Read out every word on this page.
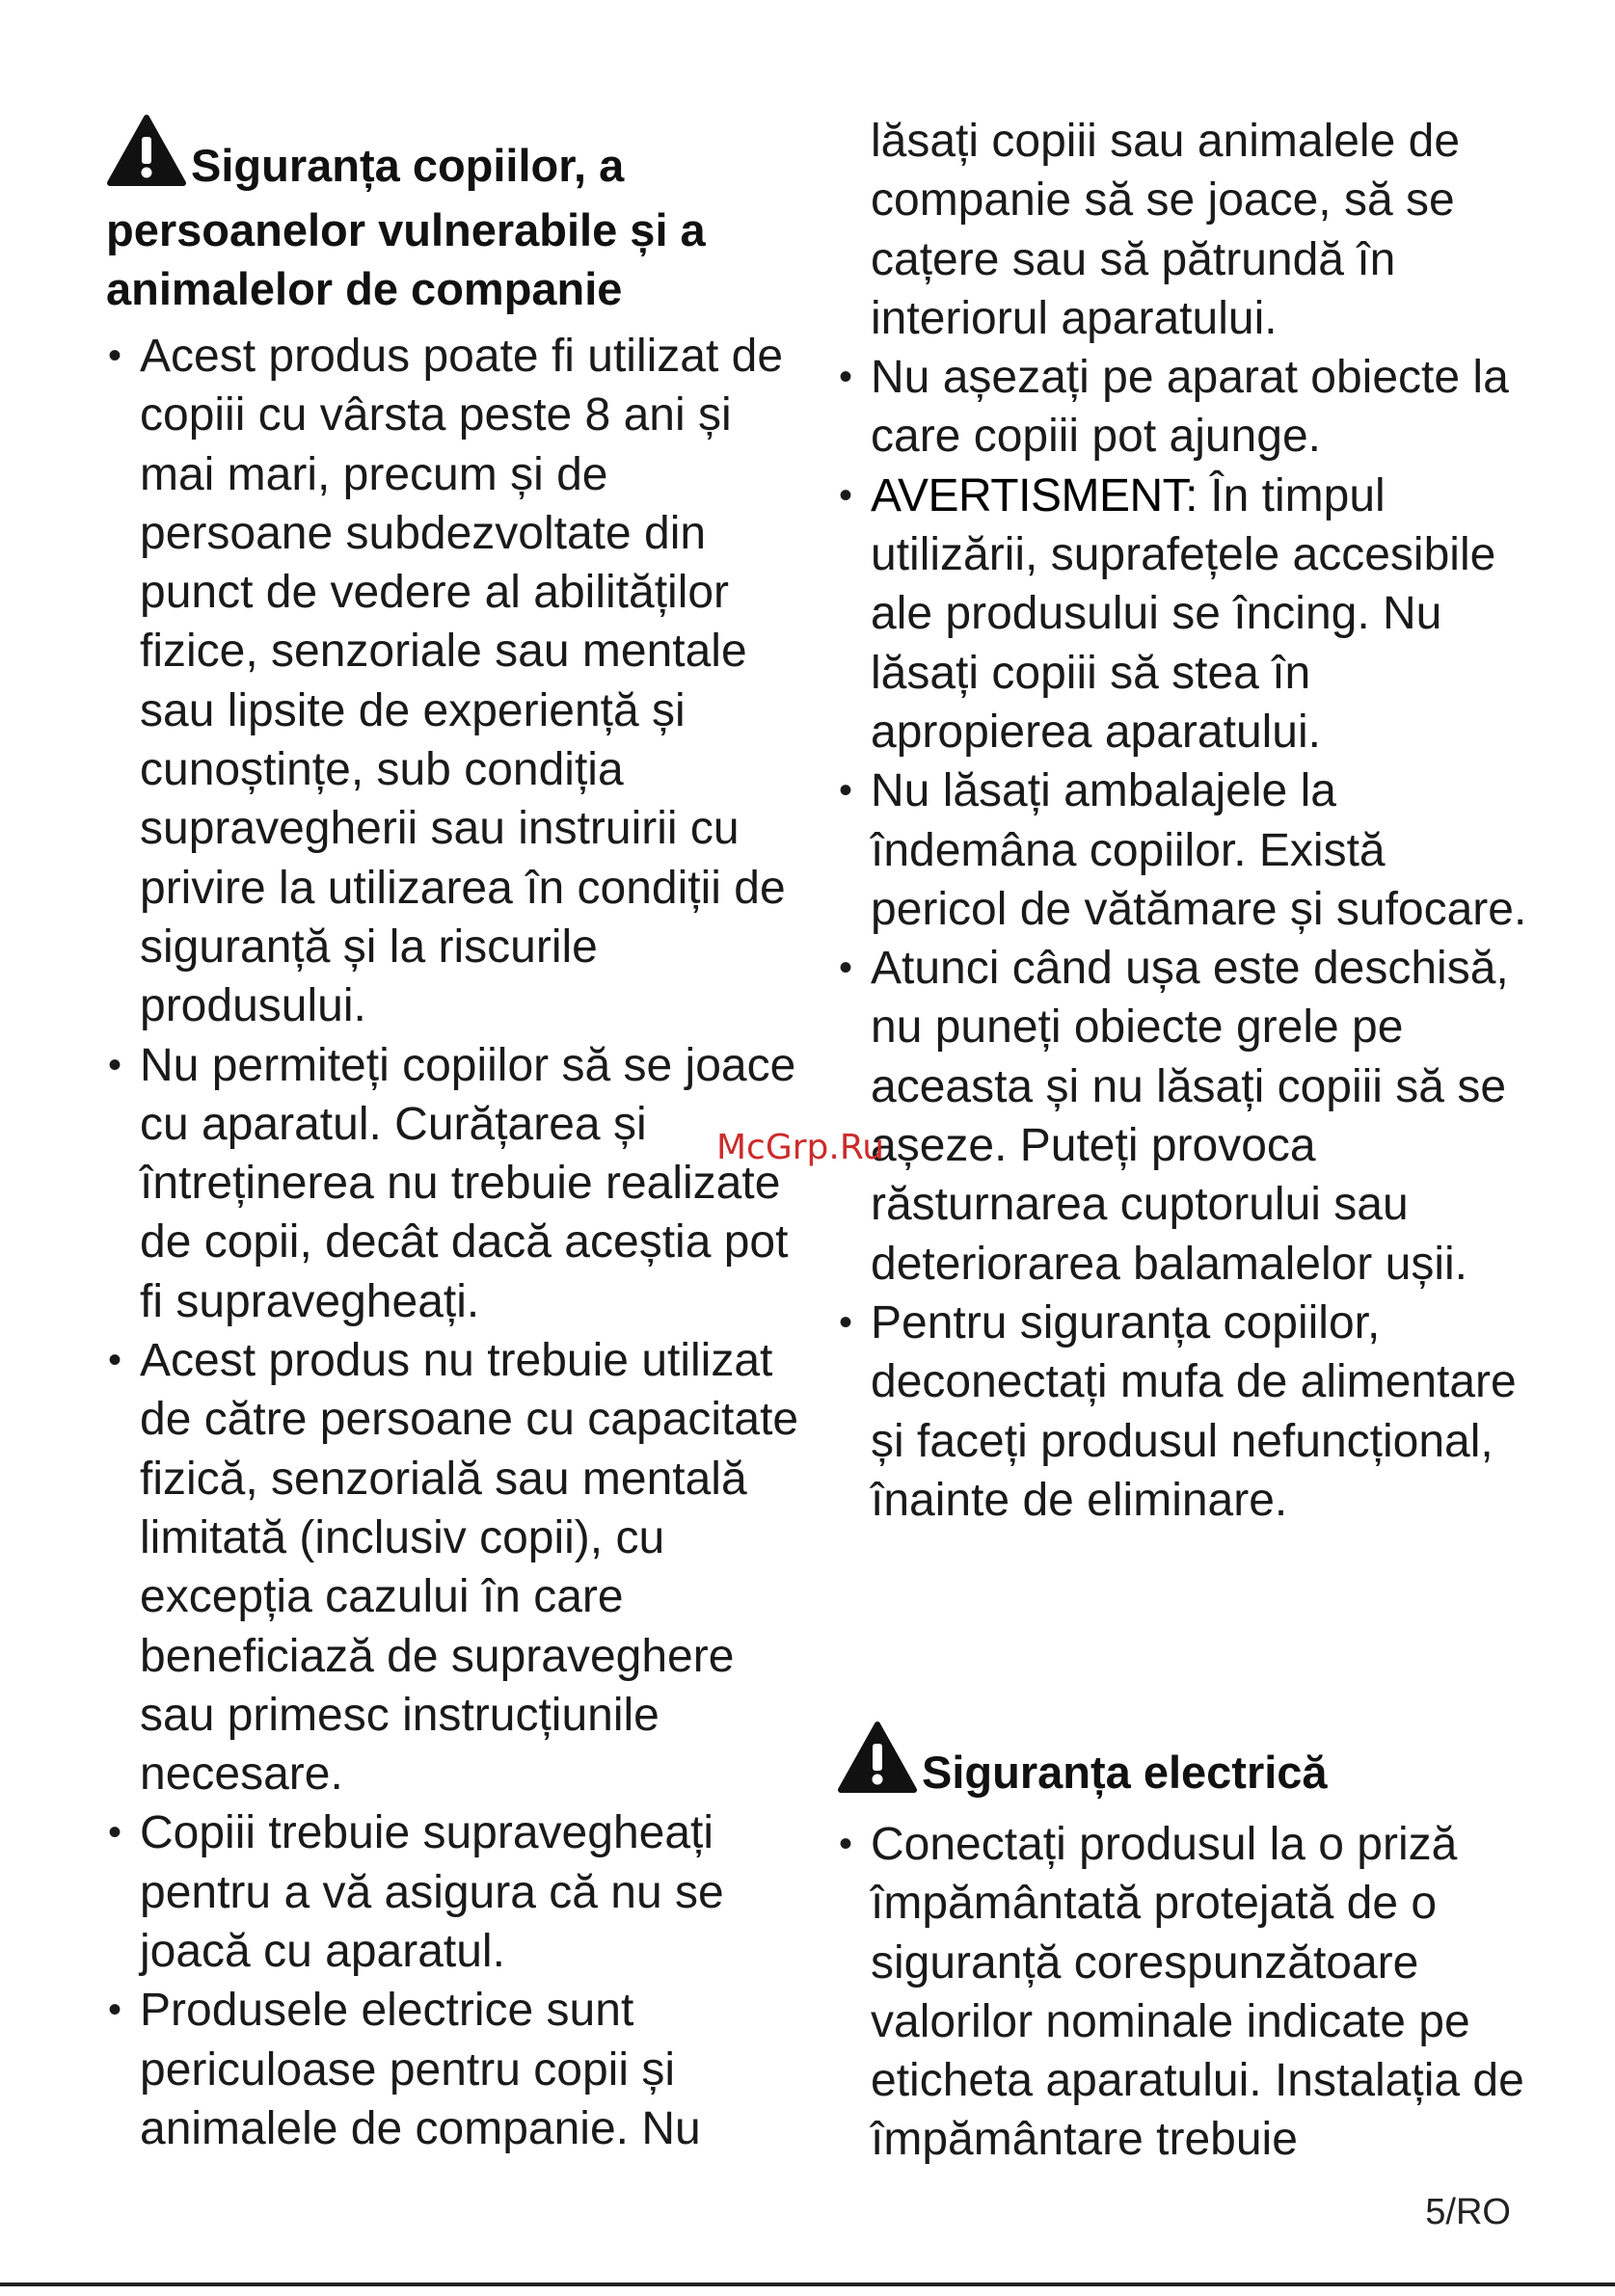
Siguranța copiilor, a persoanelor vulnerabile și a animalelor de companie
• Acest produs poate fi utilizat de copiii cu vârsta peste 8 ani și mai mari, precum și de persoane subdezvoltate din punct de vedere al abilităților fizice, senzoriale sau mentale sau lipsite de experiență și cunoștințe, sub condiția supravegherii sau instruirii cu privire la utilizarea în condiții de siguranță și la riscurile produsului.
• Nu permiteți copiilor să se joace cu aparatul. Curățarea și întreținerea nu trebuie realizate de copii, decât dacă aceștia pot fi supravegheați.
• Acest produs nu trebuie utilizat de către persoane cu capacitate fizică, senzorială sau mentală limitată (inclusiv copii), cu excepția cazului în care beneficiază de supraveghere sau primesc instrucțiunile necesare.
• Copiii trebuie supravegheați pentru a vă asigura că nu se joacă cu aparatul.
• Produsele electrice sunt periculoase pentru copii și animalele de companie. Nu
lăsați copiii sau animalele de companie să se joace, să se cațere sau să pătrundă în interiorul aparatului.
• Nu așezați pe aparat obiecte la care copiii pot ajunge.
• AVERTISMENT: În timpul utilizării, suprafețele accesibile ale produsului se încing. Nu lăsați copiii să stea în apropierea aparatului.
• Nu lăsați ambalajele la îndemâna copiilor. Există pericol de vătămare și sufocare.
• Atunci când ușa este deschisă, nu puneți obiecte grele pe aceasta și nu lăsați copiii să se așeze. Puteți provoca răsturnarea cuptorului sau deteriorarea balamalelor ușii.
• Pentru siguranța copiilor, deconectați mufa de alimentare și faceți produsul nefuncțional, înainte de eliminare.
Siguranța electrică
• Conectați produsul la o priză împământată protejată de o siguranță corespunzătoare valorilor nominale indicate pe eticheta aparatului. Instalația de împământare trebuie
McGrp.Ru
5/RO
